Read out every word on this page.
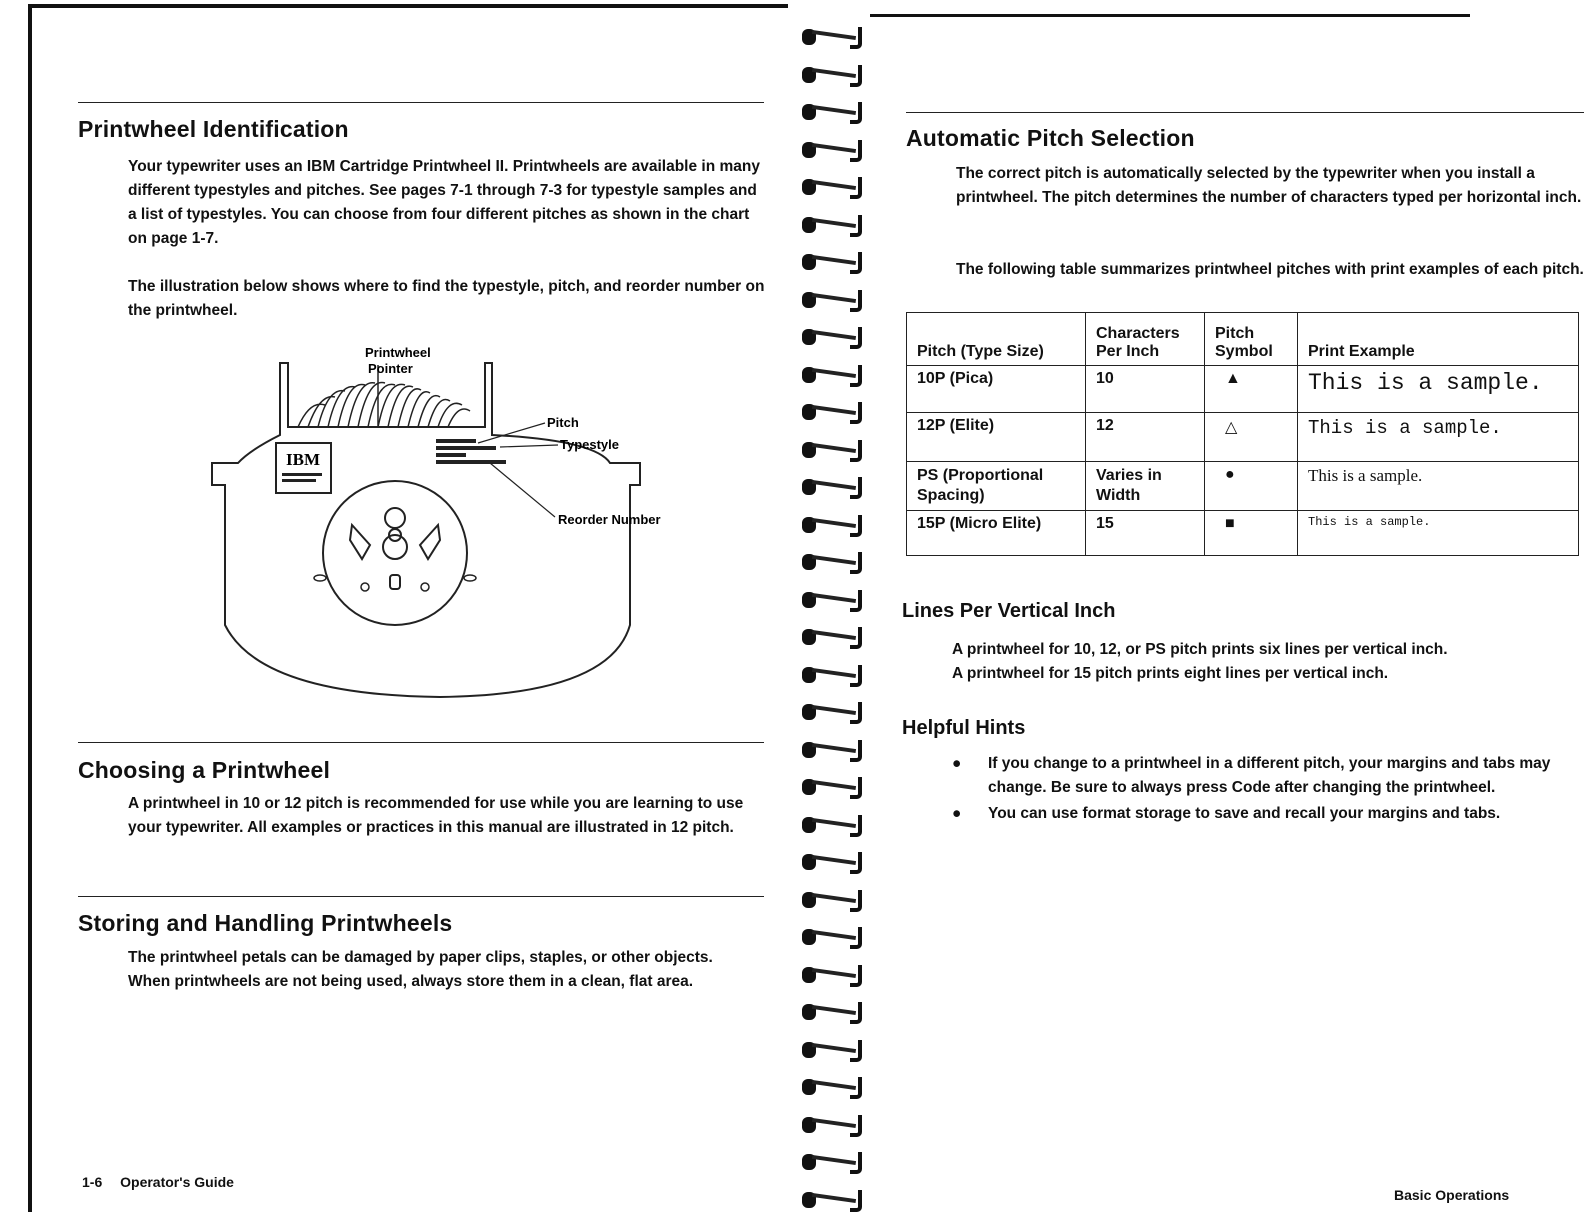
Printwheel Identification

Your typewriter uses an IBM Cartridge Printwheel II. Printwheels are available in many different typestyles and pitches. See pages 7-1 through 7-3 for typestyle samples and a list of typestyles. You can choose from four different pitches as shown in the chart on page 1-7.

The illustration below shows where to find the typestyle, pitch, and reorder number on the printwheel.

IBM
Printwheel
Pointer
Pitch
Typestyle
Reorder Number
Choosing a Printwheel

A printwheel in 10 or 12 pitch is recommended for use while you are learning to use your typewriter. All examples or practices in this manual are illustrated in 12 pitch.

Storing and Handling Printwheels

The printwheel petals can be damaged by paper clips, staples, or other objects. When printwheels are not being used, always store them in a clean, flat area.

1-6 Operator's Guide
Automatic Pitch Selection

The correct pitch is automatically selected by the typewriter when you install a printwheel. The pitch determines the number of characters typed per horizontal inch.

The following table summarizes printwheel pitches with print examples of each pitch.

Pitch (Type Size)	Characters Per Inch	Pitch Symbol	Print Example
10P (Pica)	10	▲	This is a sample.
12P (Elite)	12	△	This is a sample.
PS (Proportional Spacing)	Varies in Width	●	This is a sample.
15P (Micro Elite)	15	■	This is a sample.
Lines Per Vertical Inch

A printwheel for 10, 12, or PS pitch prints six lines per vertical inch.

A printwheel for 15 pitch prints eight lines per vertical inch.

Helpful Hints
● If you change to a printwheel in a different pitch, your margins and tabs may change. Be sure to always press Code after changing the printwheel.
● You can use format storage to save and recall your margins and tabs.
Basic Operations
